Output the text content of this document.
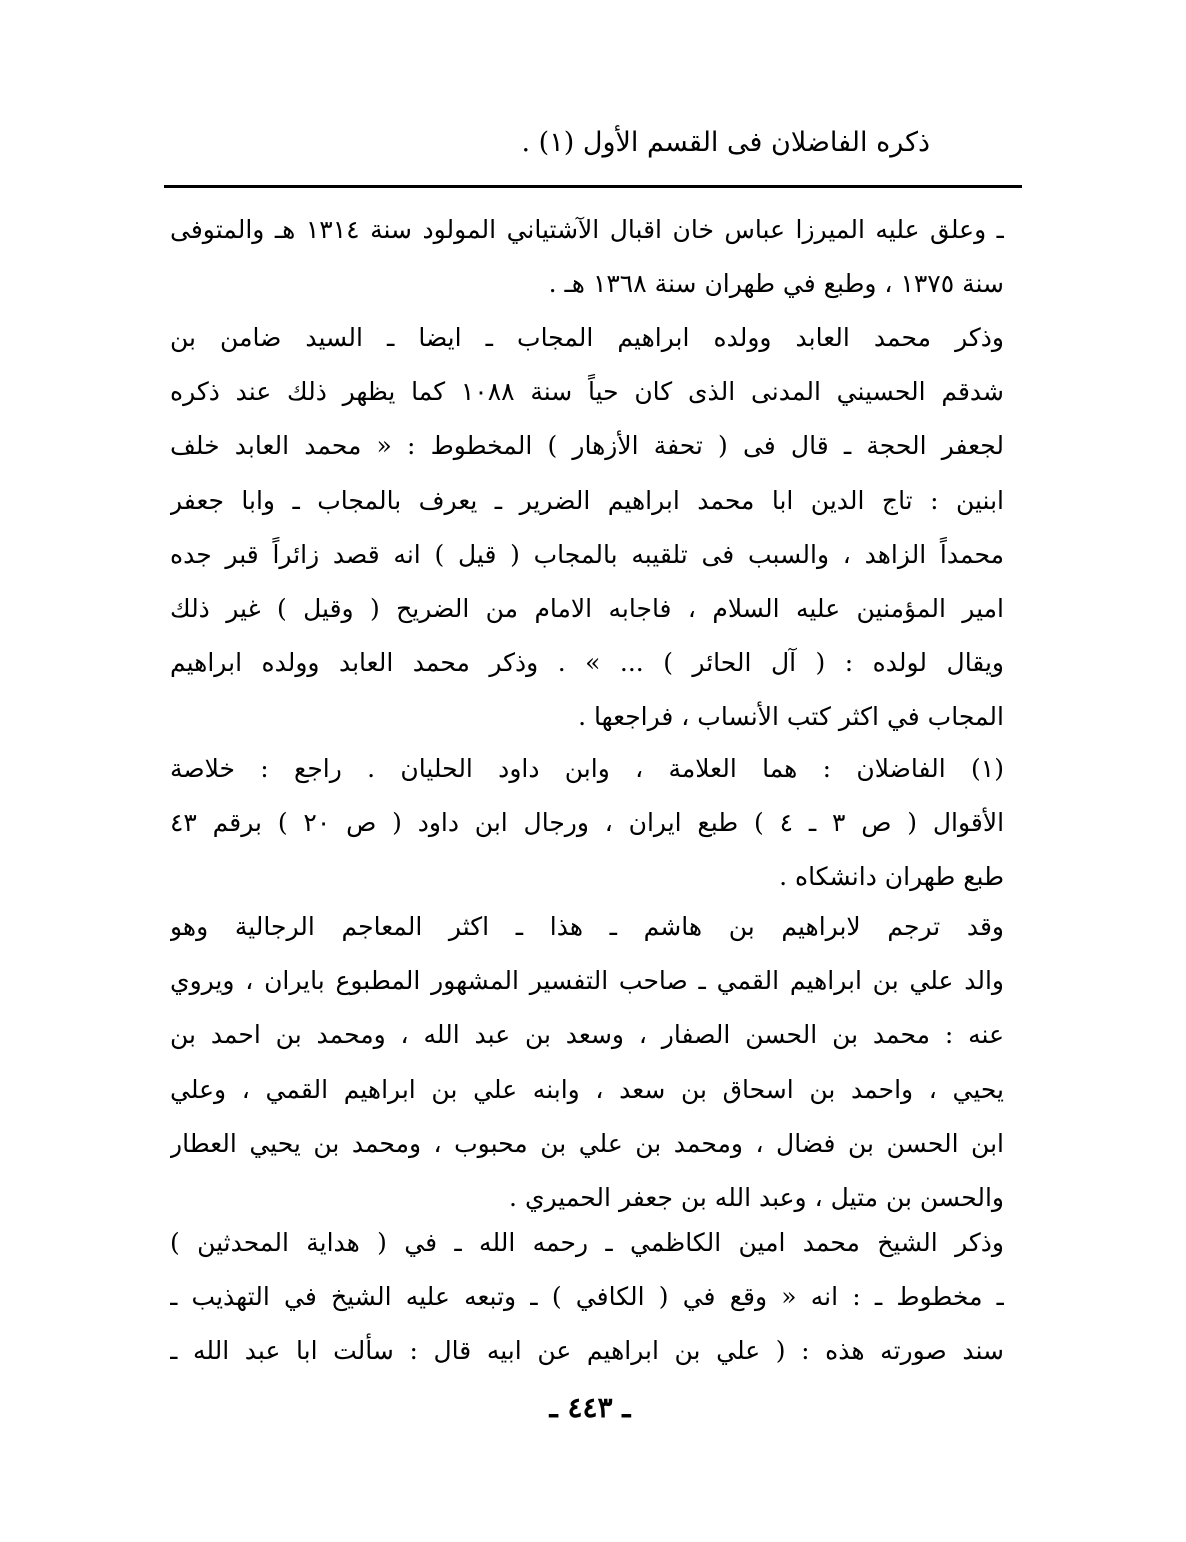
ذكره الفاضلان فى القسم الأول (١) .
ـ وعلق عليه الميرزا عباس خان اقبال الآشتياني المولود سنة ١٣١٤ هـ والمتوفى
سنة ١٣٧٥ ، وطبع في طهران سنة ١٣٦٨ هـ .
وذكر محمد العابد وولده ابراهيم المجاب ـ ايضا ـ السيد ضامن بن
شدقم الحسيني المدنى الذى كان حياً سنة ١٠٨٨ كما يظهر ذلك عند ذكره
لجعفر الحجة ـ قال فى ( تحفة الأزهار ) المخطوط : « محمد العابد خلف
ابنين : تاج الدين ابا محمد ابراهيم الضرير ـ يعرف بالمجاب ـ وابا جعفر
محمداً الزاهد ، والسبب فى تلقيبه بالمجاب ( قيل ) انه قصد زائراً قبر جده
امير المؤمنين عليه السلام ، فاجابه الامام من الضريح ( وقيل ) غير ذلك
ويقال لولده : ( آل الحائر ) ... » . وذكر محمد العابد وولده ابراهيم
المجاب في اكثر كتب الأنساب ، فراجعها .
(١) الفاضلان : هما العلامة ، وابن داود الحليان . راجع : خلاصة
الأقوال ( ص ٣ ـ ٤ ) طبع ايران ، ورجال ابن داود ( ص ٢٠ ) برقم ٤٣
طبع طهران دانشكاه .
وقد ترجم لابراهيم بن هاشم ـ هذا ـ اكثر المعاجم الرجالية وهو
والد علي بن ابراهيم القمي ـ صاحب التفسير المشهور المطبوع بايران ، ويروي
عنه : محمد بن الحسن الصفار ، وسعد بن عبد الله ، ومحمد بن احمد بن
يحيي ، واحمد بن اسحاق بن سعد ، وابنه علي بن ابراهيم القمي ، وعلي
ابن الحسن بن فضال ، ومحمد بن علي بن محبوب ، ومحمد بن يحيي العطار
والحسن بن متيل ، وعبد الله بن جعفر الحميري .
وذكر الشيخ محمد امين الكاظمي ـ رحمه الله ـ في ( هداية المحدثين )
ـ مخطوط ـ : انه « وقع في ( الكافي ) ـ وتبعه عليه الشيخ في التهذيب ـ
سند صورته هذه : ( علي بن ابراهيم عن ابيه قال : سألت ابا عبد الله ـ
ـ ٤٤٣ ـ
